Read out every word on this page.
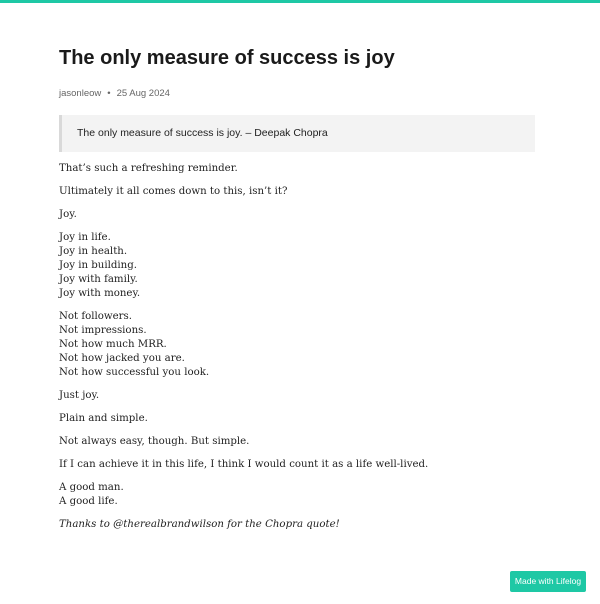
The only measure of success is joy
jasonleow • 25 Aug 2024
The only measure of success is joy. – Deepak Chopra

That’s such a refreshing reminder.

Ultimately it all comes down to this, isn’t it?

Joy.

Joy in life.
Joy in health.
Joy in building.
Joy with family.
Joy with money.

Not followers.
Not impressions.
Not how much MRR.
Not how jacked you are.
Not how successful you look.

Just joy.

Plain and simple.

Not always easy, though. But simple.

If I can achieve it in this life, I think I would count it as a life well-lived.

A good man.
A good life.

Thanks to @therealbrandwilson for the Chopra quote!

Made with Lifelog
